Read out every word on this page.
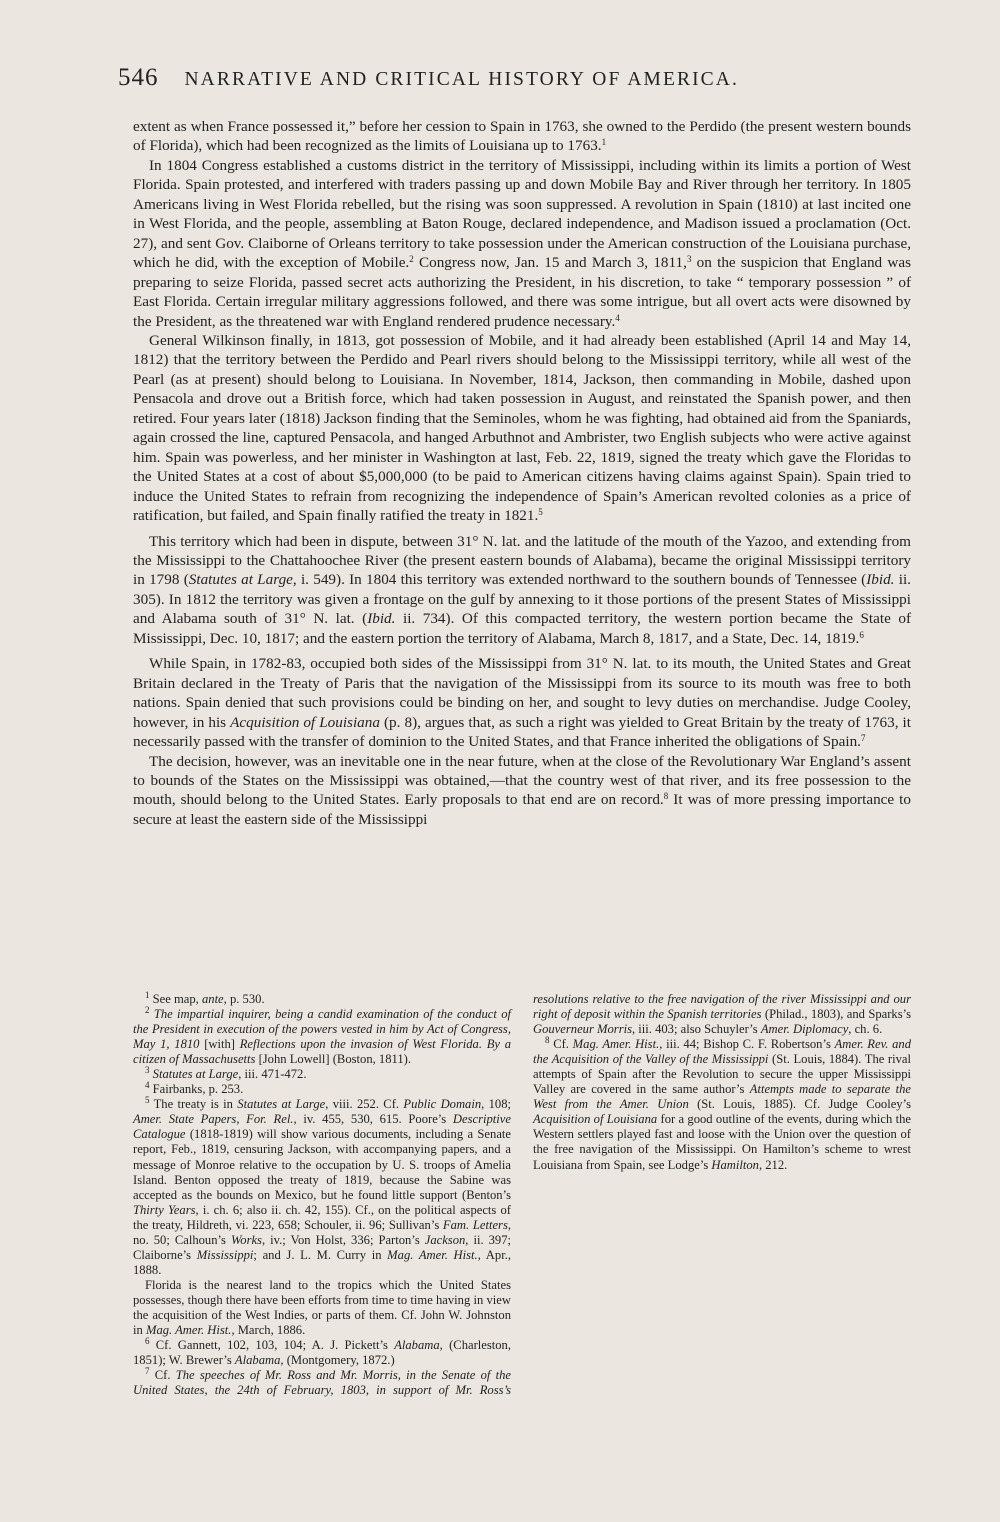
546 NARRATIVE AND CRITICAL HISTORY OF AMERICA.

extent as when France possessed it,” before her cession to Spain in 1763, she owned to the Perdido (the present western bounds of Florida), which had been recognized as the limits of Louisiana up to 1763.$^1$

In 1804 Congress established a customs district in the territory of Mississippi, including within its limits a portion of West Florida. Spain protested, and interfered with traders passing up and down Mobile Bay and River through her territory. In 1805 Americans living in West Florida rebelled, but the rising was soon suppressed. A revolution in Spain (1810) at last incited one in West Florida, and the people, assembling at Baton Rouge, declared independence, and Madison issued a proclamation (Oct. 27), and sent Gov. Claiborne of Orleans territory to take possession under the American construction of the Louisiana purchase, which he did, with the exception of Mobile.$^2$ Congress now, Jan. 15 and March 3, 1811,$^3$ on the suspicion that England was preparing to seize Florida, passed secret acts authorizing the President, in his discretion, to take “ temporary possession ” of East Florida. Certain irregular military aggressions followed, and there was some intrigue, but all overt acts were disowned by the President, as the threatened war with England rendered prudence necessary.$^4$

General Wilkinson finally, in 1813, got possession of Mobile, and it had already been established (April 14 and May 14, 1812) that the territory between the Perdido and Pearl rivers should belong to the Mississippi territory, while all west of the Pearl (as at present) should belong to Louisiana. In November, 1814, Jackson, then commanding in Mobile, dashed upon Pensacola and drove out a British force, which had taken possession in August, and reinstated the Spanish power, and then retired. Four years later (1818) Jackson finding that the Seminoles, whom he was fighting, had obtained aid from the Spaniards, again crossed the line, captured Pensacola, and hanged Arbuthnot and Ambrister, two English subjects who were active against him. Spain was powerless, and her minister in Washington at last, Feb. 22, 1819, signed the treaty which gave the Floridas to the United States at a cost of about $5,000,000 (to be paid to American citizens having claims against Spain). Spain tried to induce the United States to refrain from recognizing the independence of Spain’s American revolted colonies as a price of ratification, but failed, and Spain finally ratified the treaty in 1821.$^5$

This territory which had been in dispute, between 31° N. lat. and the latitude of the mouth of the Yazoo, and extending from the Mississippi to the Chattahoochee River (the present eastern bounds of Alabama), became the original Mississippi territory in 1798 (Statutes at Large, i. 549). In 1804 this territory was extended northward to the southern bounds of Tennessee (Ibid. ii. 305). In 1812 the territory was given a frontage on the gulf by annexing to it those portions of the present States of Mississippi and Alabama south of 31° N. lat. (Ibid. ii. 734). Of this compacted territory, the western portion became the State of Mississippi, Dec. 10, 1817; and the eastern portion the territory of Alabama, March 8, 1817, and a State, Dec. 14, 1819.$^6$

While Spain, in 1782-83, occupied both sides of the Mississippi from 31° N. lat. to its mouth, the United States and Great Britain declared in the Treaty of Paris that the navigation of the Mississippi from its source to its mouth was free to both nations. Spain denied that such provisions could be binding on her, and sought to levy duties on merchandise. Judge Cooley, however, in his Acquisition of Louisiana (p. 8), argues that, as such a right was yielded to Great Britain by the treaty of 1763, it necessarily passed with the transfer of dominion to the United States, and that France inherited the obligations of Spain.$^7$

The decision, however, was an inevitable one in the near future, when at the close of the Revolutionary War England’s assent to bounds of the States on the Mississippi was obtained,—that the country west of that river, and its free possession to the mouth, should belong to the United States. Early proposals to that end are on record.$^8$ It was of more pressing importance to secure at least the eastern side of the Mississippi

$^1$ See map, ante, p. 530.

$^2$ The impartial inquirer, being a candid examination of the conduct of the President in execution of the powers vested in him by Act of Congress, May 1, 1810 [with] Reflections upon the invasion of West Florida. By a citizen of Massachusetts [John Lowell] (Boston, 1811).

$^3$ Statutes at Large, iii. 471-472.

$^4$ Fairbanks, p. 253.

$^5$ The treaty is in Statutes at Large, viii. 252. Cf. Public Domain, 108; Amer. State Papers, For. Rel., iv. 455, 530, 615. Poore’s Descriptive Catalogue (1818-1819) will show various documents, including a Senate report, Feb., 1819, censuring Jackson, with accompanying papers, and a message of Monroe relative to the occupation by U. S. troops of Amelia Island. Benton opposed the treaty of 1819, because the Sabine was accepted as the bounds on Mexico, but he found little support (Benton’s Thirty Years, i. ch. 6; also ii. ch. 42, 155). Cf., on the political aspects of the treaty, Hildreth, vi. 223, 658; Schouler, ii. 96; Sullivan’s Fam. Letters, no. 50; Calhoun’s Works, iv.; Von Holst, 336; Parton’s Jackson, ii. 397; Claiborne’s Mississippi; and J. L. M. Curry in Mag. Amer. Hist., Apr., 1888.

Florida is the nearest land to the tropics which the United States possesses, though there have been efforts from time to time having in view the acquisition of the West Indies, or parts of them. Cf. John W. Johnston in Mag. Amer. Hist., March, 1886.

$^6$ Cf. Gannett, 102, 103, 104; A. J. Pickett’s Alabama, (Charleston, 1851); W. Brewer’s Alabama, (Montgomery, 1872.)

$^7$ Cf. The speeches of Mr. Ross and Mr. Morris, in the Senate of the United States, the 24th of February, 1803, in support of Mr. Ross’s resolutions relative to the free navigation of the river Mississippi and our right of deposit within the Spanish territories (Philad., 1803), and Sparks’s Gouverneur Morris, iii. 403; also Schuyler’s Amer. Diplomacy, ch. 6.

$^8$ Cf. Mag. Amer. Hist., iii. 44; Bishop C. F. Robertson’s Amer. Rev. and the Acquisition of the Valley of the Mississippi (St. Louis, 1884). The rival attempts of Spain after the Revolution to secure the upper Mississippi Valley are covered in the same author’s Attempts made to separate the West from the Amer. Union (St. Louis, 1885). Cf. Judge Cooley’s Acquisition of Louisiana for a good outline of the events, during which the Western settlers played fast and loose with the Union over the question of the free navigation of the Mississippi. On Hamilton’s scheme to wrest Louisiana from Spain, see Lodge’s Hamilton, 212.
